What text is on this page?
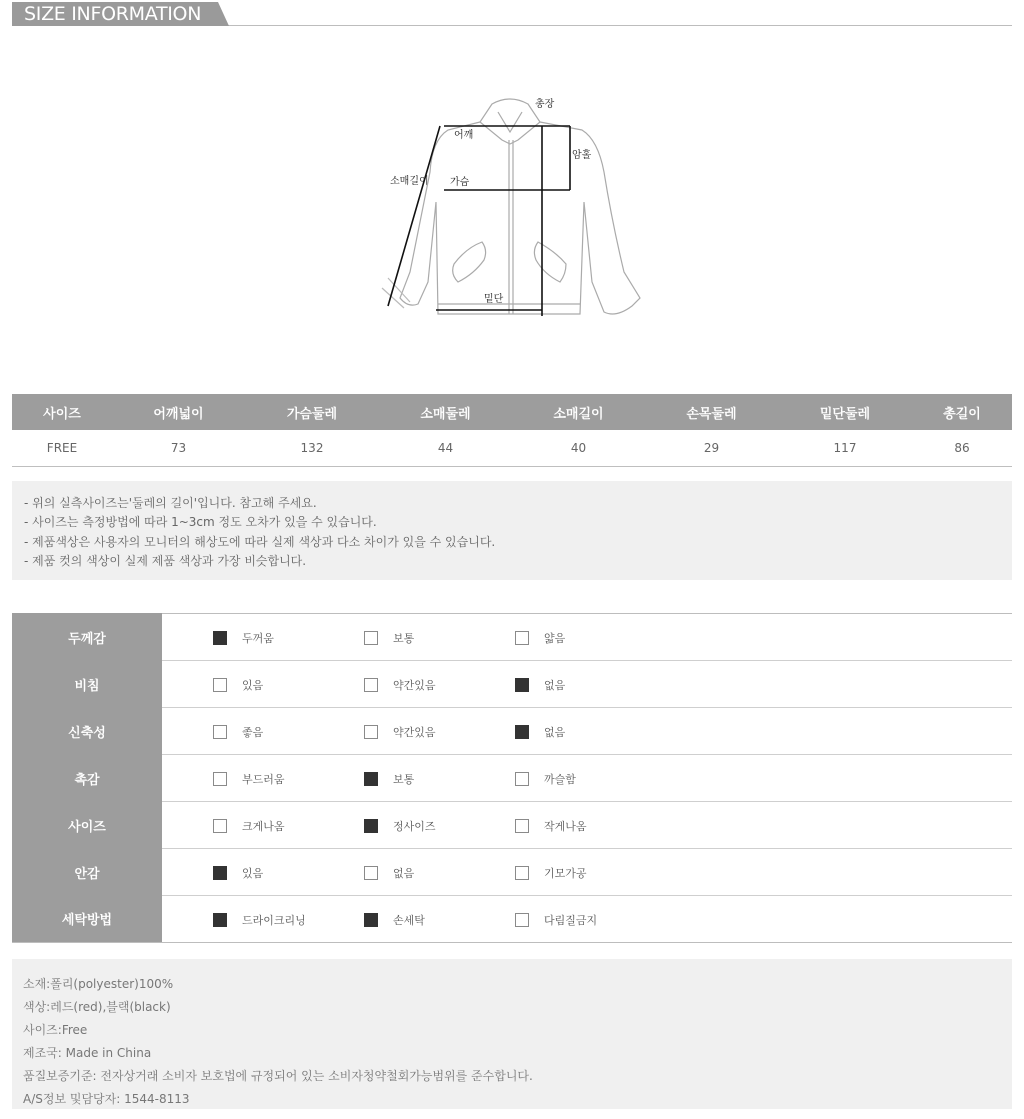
SIZE INFORMATION
총장
어깨
암홀
소매길이 가슴
밑단
사이즈	어깨넓이	가슴둘레	소매둘레	소매길이	손목둘레	밑단둘레	총길이
FREE	73	132	44	40	29	117	86
- 위의 실측사이즈는'둘레의 길이'입니다. 참고해 주세요.
- 사이즈는 측정방법에 따라 1~3cm 정도 오차가 있을 수 있습니다.
- 제품색상은 사용자의 모니터의 해상도에 따라 실제 색상과 다소 차이가 있을 수 있습니다.
- 제품 컷의 색상이 실제 제품 색상과 가장 비슷합니다.
두께감	두꺼움	보통	얇음
비침	있음	약간있음	없음
신축성	좋음	약간있음	없음
촉감	부드러움	보통	까슬함
사이즈	크게나옴	정사이즈	작게나옴
안감	있음	없음	기모가공
세탁방법	드라이크리닝	손세탁	다림질금지
소재:폴리(polyester)100%
색상:레드(red),블랙(black)
사이즈:Free
제조국: Made in China
품질보증기준: 전자상거래 소비자 보호법에 규정되어 있는 소비자청약철회가능범위를 준수합니다.
A/S정보 및담당자: 1544-8113
